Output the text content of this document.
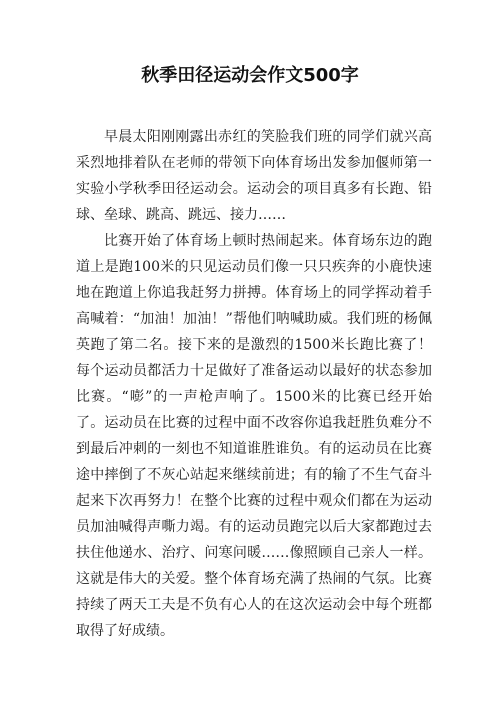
秋季田径运动会作文500字

早晨太阳刚刚露出赤红的笑脸我们班的同学们就兴高采烈地排着队在老师的带领下向体育场出发参加偃师第一实验小学秋季田径运动会。运动会的项目真多有长跑、铅球、垒球、跳高、跳远、接力……

比赛开始了体育场上顿时热闹起来。体育场东边的跑道上是跑100米的只见运动员们像一只只疾奔的小鹿快速地在跑道上你追我赶努力拼搏。体育场上的同学挥动着手高喊着：“加油！加油！”帮他们呐喊助威。我们班的杨佩英跑了第二名。接下来的是激烈的1500米长跑比赛了！每个运动员都活力十足做好了准备运动以最好的状态参加比赛。“嘭”的一声枪声响了。1500米的比赛已经开始了。运动员在比赛的过程中面不改容你追我赶胜负难分不到最后冲刺的一刻也不知道谁胜谁负。有的运动员在比赛途中摔倒了不灰心站起来继续前进；有的输了不生气奋斗起来下次再努力！在整个比赛的过程中观众们都在为运动员加油喊得声嘶力竭。有的运动员跑完以后大家都跑过去扶住他递水、治疗、问寒问暖……像照顾自己亲人一样。这就是伟大的关爱。整个体育场充满了热闹的气氛。比赛持续了两天工夫是不负有心人的在这次运动会中每个班都取得了好成绩。
